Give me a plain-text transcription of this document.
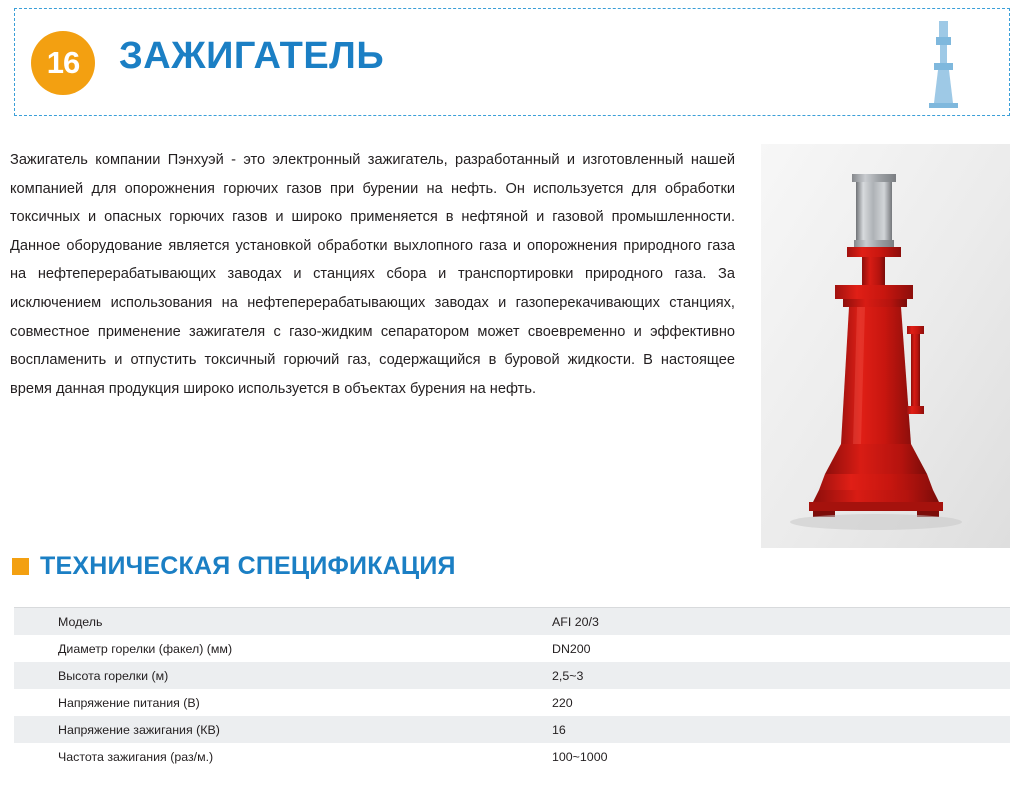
16 ЗАЖИГАТЕЛЬ
Зажигатель компании Пэнхуэй - это электронный зажигатель, разработанный и изготовленный нашей компанией для опорожнения горючих газов при бурении на нефть. Он используется для обработки токсичных и опасных горючих газов и широко применяется в нефтяной и газовой промышленности. Данное оборудование является установкой обработки выхлопного газа и опорожнения природного газа на нефтеперерабатывающих заводах и станциях сбора и транспортировки природного газа. За исключением использования на нефтеперерабатывающих заводах и газоперекачивающих станциях, совместное применение зажигателя с газо-жидким сепаратором может своевременно и эффективно воспламенить и отпустить токсичный горючий газ, содержащийся в буровой жидкости. В настоящее время данная продукция широко используется в объектах бурения на нефть.
ТЕХНИЧЕСКАЯ СПЕЦИФИКАЦИЯ
Модель	AFI 20/3
Диаметр горелки (факел) (мм)	DN200
Высота горелки (м)	2,5~3
Напряжение питания (В)	220
Напряжение зажигания (КВ)	16
Частота зажигания (раз/м.)	100~1000
